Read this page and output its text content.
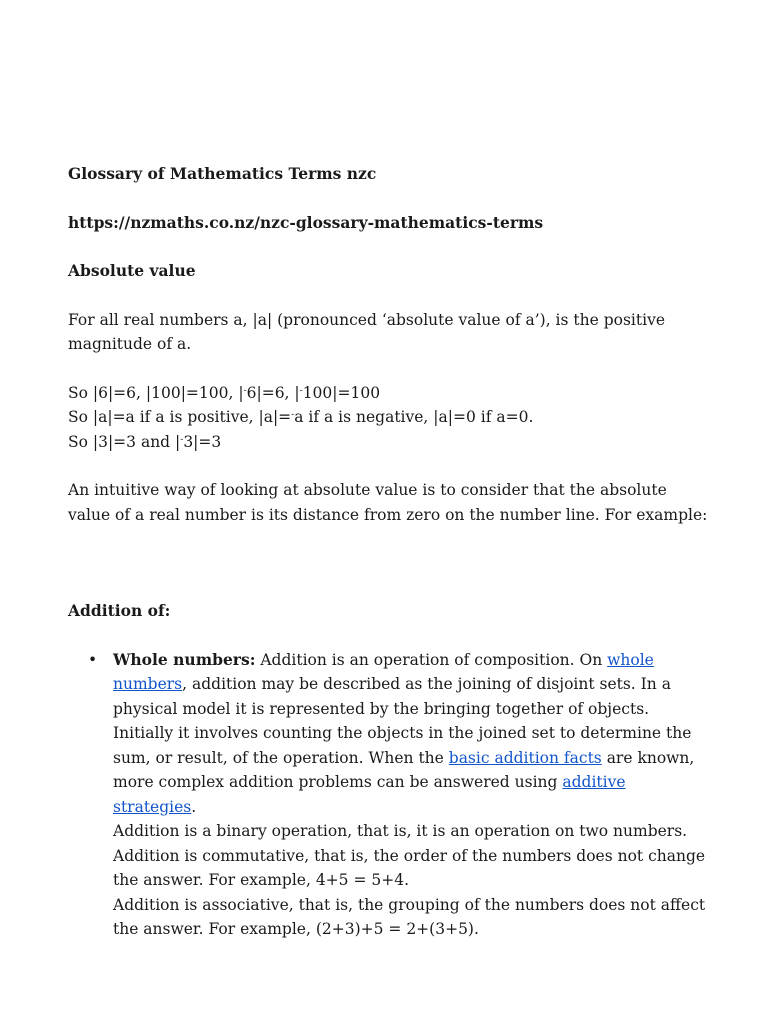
Glossary of Mathematics Terms nzc

https://nzmaths.co.nz/nzc-glossary-mathematics-terms

Absolute value

For all real numbers a, |a| (pronounced ‘absolute value of a’), is the positive magnitude of a.

So |6|=6, |100|=100, |-6|=6, |-100|=100

So |a|=a if a is positive, |a|=-a if a is negative, |a|=0 if a=0.

So |3|=3 and |-3|=3

An intuitive way of looking at absolute value is to consider that the absolute value of a real number is its distance from zero on the number line. For example:

Addition of:

• Whole numbers: Addition is an operation of composition. On whole numbers, addition may be described as the joining of disjoint sets. In a physical model it is represented by the bringing together of objects. Initially it involves counting the objects in the joined set to determine the sum, or result, of the operation. When the basic addition facts are known, more complex addition problems can be answered using additive strategies.
Addition is a binary operation, that is, it is an operation on two numbers.
Addition is commutative, that is, the order of the numbers does not change the answer. For example, 4+5 = 5+4.
Addition is associative, that is, the grouping of the numbers does not affect the answer. For example, (2+3)+5 = 2+(3+5).
